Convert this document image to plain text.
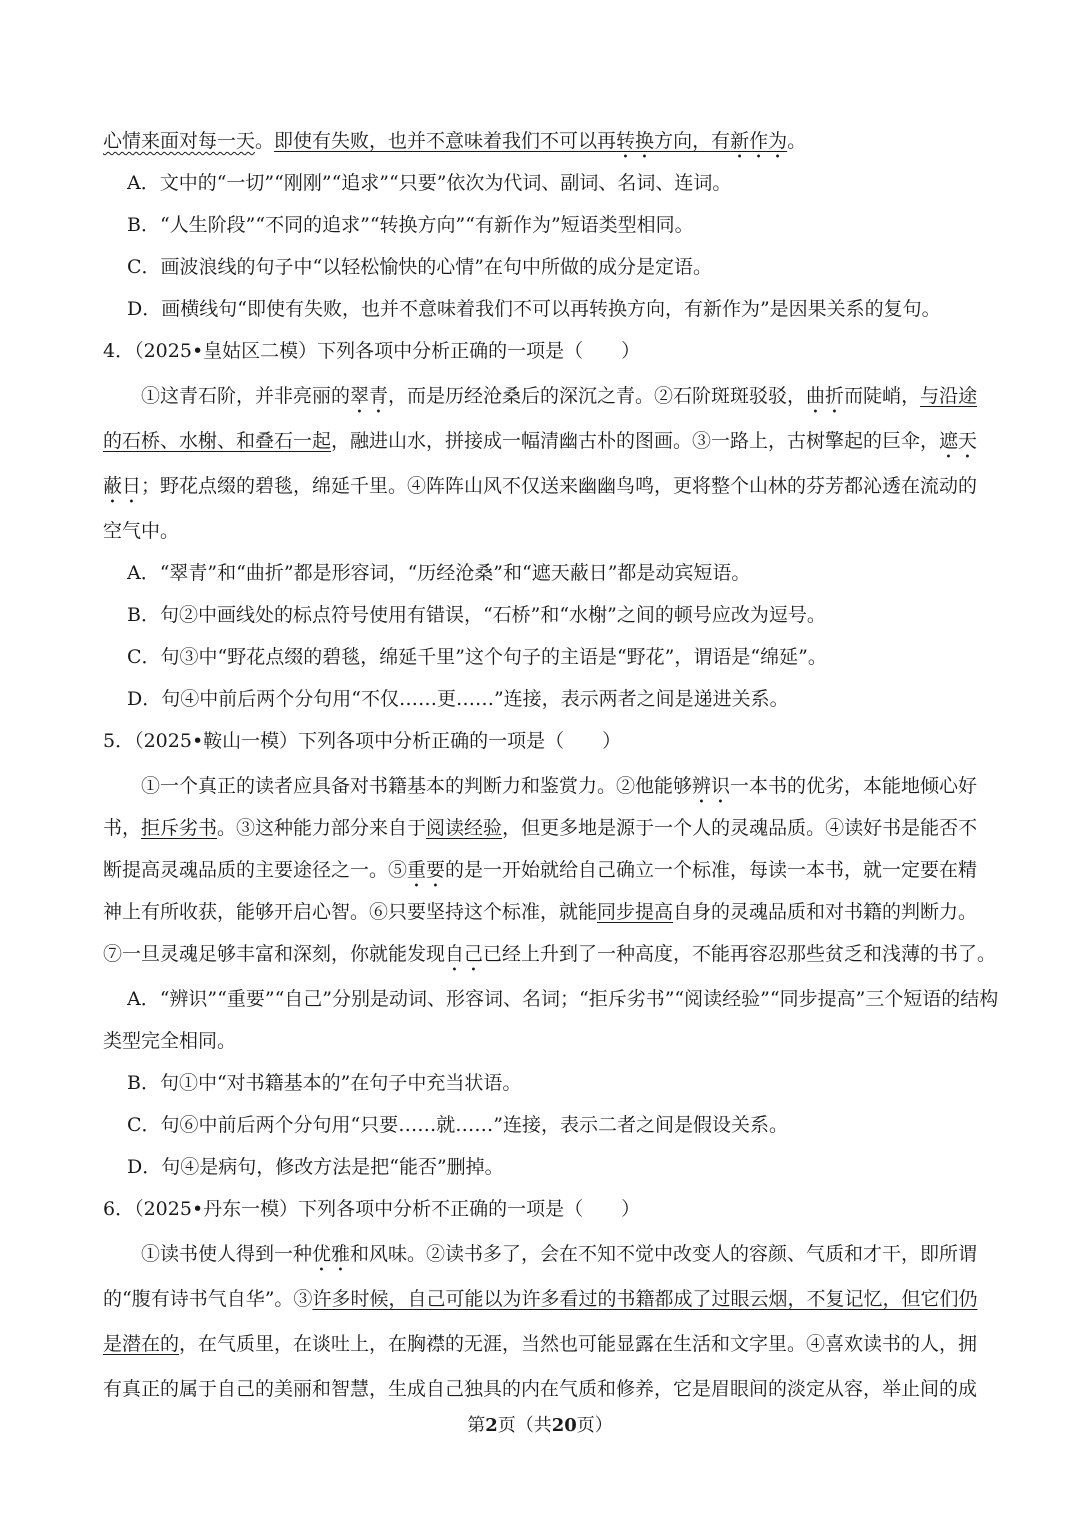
心情来面对每一天。即使有失败，也并不意味着我们不可以再转换方向，有新作为。

A．文中的“一切”“刚刚”“追求”“只要”依次为代词、副词、名词、连词。

B．“人生阶段”“不同的追求”“转换方向”“有新作为”短语类型相同。

C．画波浪线的句子中“以轻松愉快的心情”在句中所做的成分是定语。

D．画横线句“即使有失败，也并不意味着我们不可以再转换方向，有新作为”是因果关系的复句。

4．（2025•皇姑区二模）下列各项中分析正确的一项是（　　）

①这青石阶，并非亮丽的翠青，而是历经沧桑后的深沉之青。②石阶斑斑驳驳，曲折而陡峭，与沿途

的石桥、水榭、和叠石一起，融进山水，拼接成一幅清幽古朴的图画。③一路上，古树擎起的巨伞，遮天

蔽日；野花点缀的碧毯，绵延千里。④阵阵山风不仅送来幽幽鸟鸣，更将整个山林的芬芳都沁透在流动的

空气中。

A．“翠青”和“曲折”都是形容词，“历经沧桑”和“遮天蔽日”都是动宾短语。

B．句②中画线处的标点符号使用有错误，“石桥”和“水榭”之间的顿号应改为逗号。

C．句③中“野花点缀的碧毯，绵延千里”这个句子的主语是“野花”，谓语是“绵延”。

D．句④中前后两个分句用“不仅……更……”连接，表示两者之间是递进关系。

5．（2025•鞍山一模）下列各项中分析正确的一项是（　　）

①一个真正的读者应具备对书籍基本的判断力和鉴赏力。②他能够辨识一本书的优劣，本能地倾心好

书，拒斥劣书。③这种能力部分来自于阅读经验，但更多地是源于一个人的灵魂品质。④读好书是能否不

断提高灵魂品质的主要途径之一。⑤重要的是一开始就给自己确立一个标准，每读一本书，就一定要在精

神上有所收获，能够开启心智。⑥只要坚持这个标准，就能同步提高自身的灵魂品质和对书籍的判断力。

⑦一旦灵魂足够丰富和深刻，你就能发现自己已经上升到了一种高度，不能再容忍那些贫乏和浅薄的书了。

A．“辨识”“重要”“自己”分别是动词、形容词、名词；“拒斥劣书”“阅读经验”“同步提高”三个短语的结构

类型完全相同。

B．句①中“对书籍基本的”在句子中充当状语。

C．句⑥中前后两个分句用“只要……就……”连接，表示二者之间是假设关系。

D．句④是病句，修改方法是把“能否”删掉。

6．（2025•丹东一模）下列各项中分析不正确的一项是（　　）

①读书使人得到一种优雅和风味。②读书多了，会在不知不觉中改变人的容颜、气质和才干，即所谓

的“腹有诗书气自华”。③许多时候，自己可能以为许多看过的书籍都成了过眼云烟，不复记忆，但它们仍

是潜在的，在气质里，在谈吐上，在胸襟的无涯，当然也可能显露在生活和文字里。④喜欢读书的人，拥

有真正的属于自己的美丽和智慧，生成自己独具的内在气质和修养，它是眉眼间的淡定从容，举止间的成

第2页（共20页）
